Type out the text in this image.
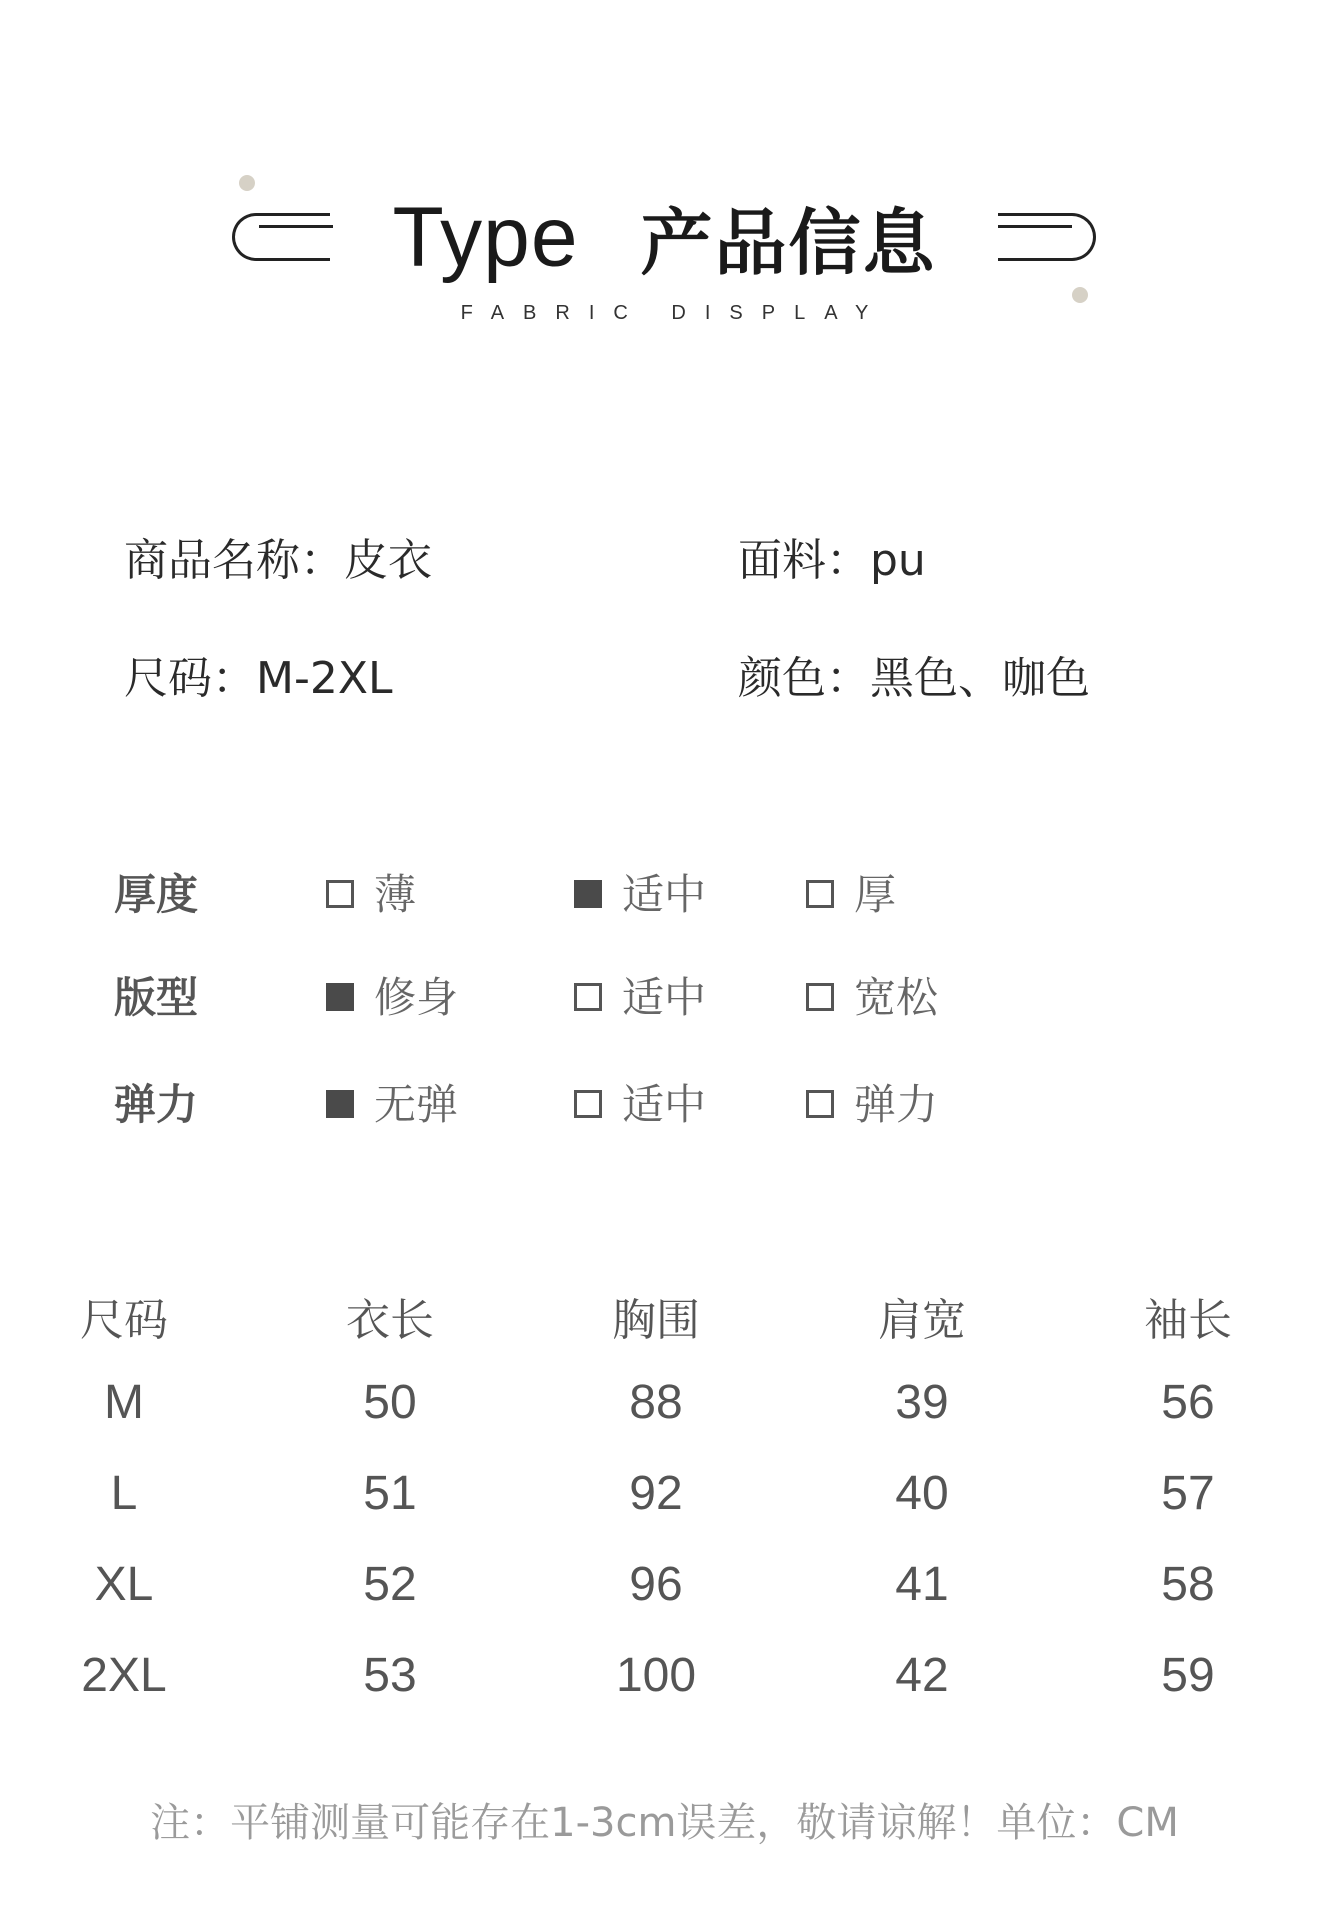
Type 产品信息
FABRIC DISPLAY
商品名称：皮衣	面料：pu
尺码：M-2XL	颜色：黑色、咖色
厚度	薄	适中	厚
版型	修身	适中	宽松
弹力	无弹	适中	弹力
尺码	衣长	胸围	肩宽	袖长
M	50	88	39	56
L	51	92	40	57
XL	52	96	41	58
2XL	53	100	42	59
注：平铺测量可能存在1-3cm误差，敬请谅解！单位：CM
